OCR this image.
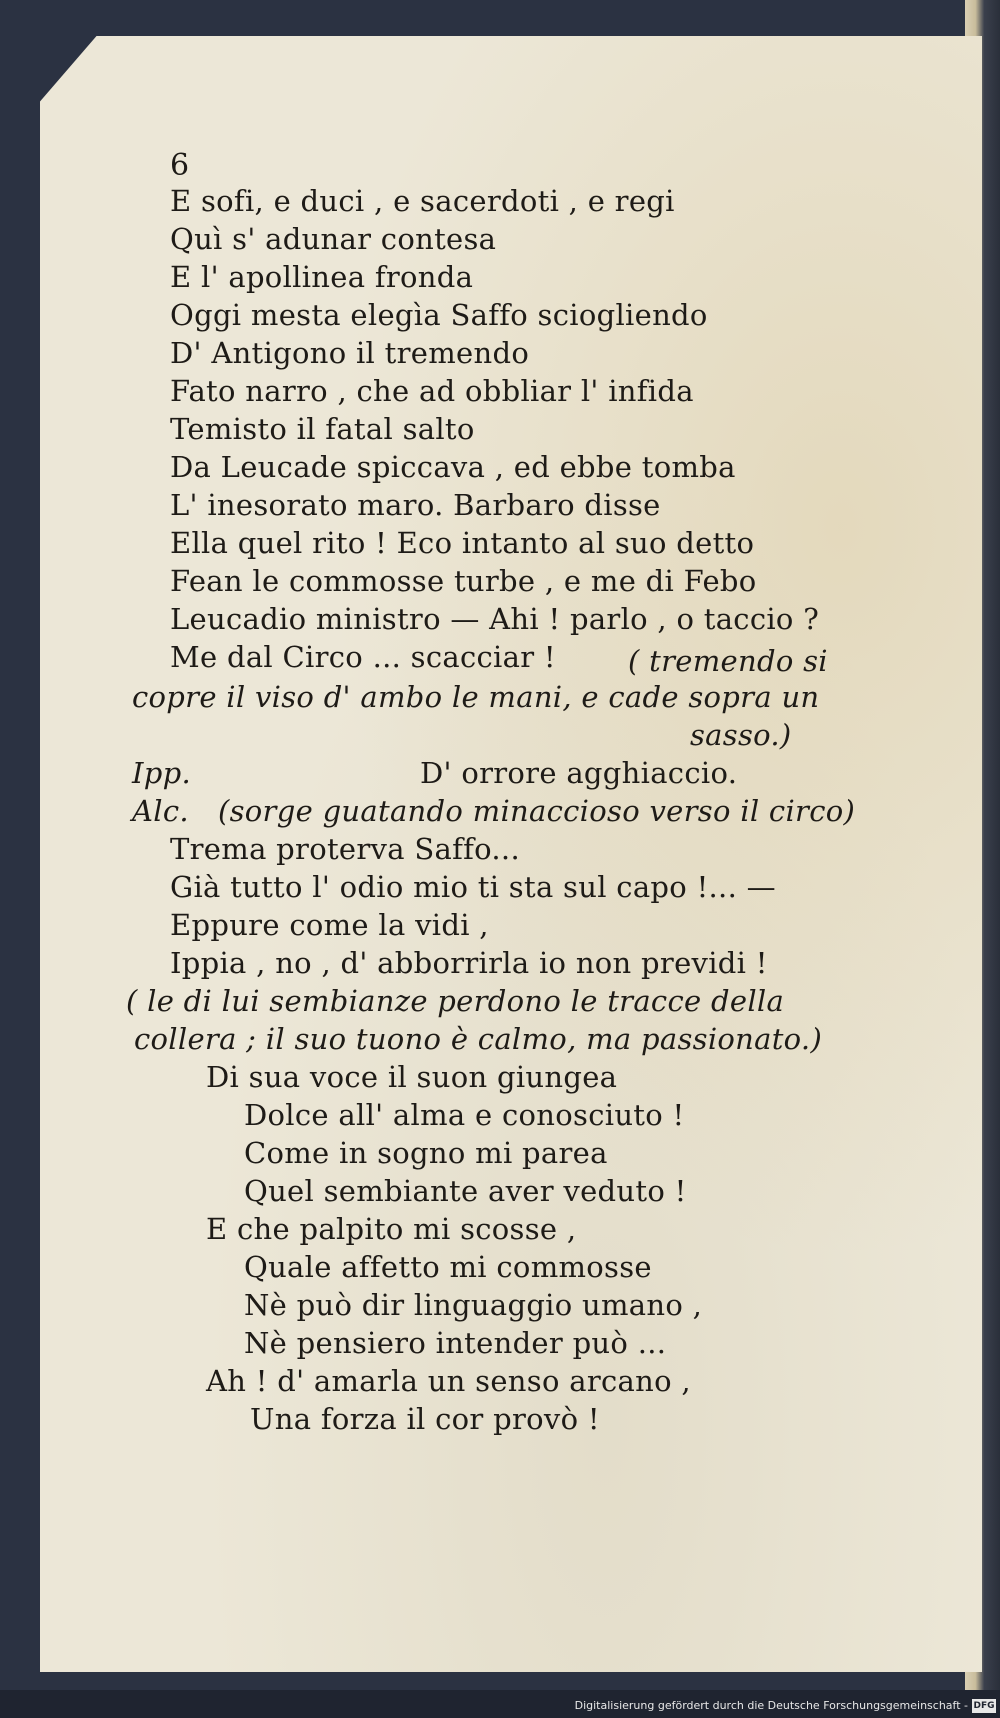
6
E sofi, e duci , e sacerdoti , e regi
Quì s' adunar contesa
E l' apollinea fronda
Oggi mesta elegìa Saffo sciogliendo
D' Antigono il tremendo
Fato narro , che ad obbliar l' infida
Temisto il fatal salto
Da Leucade spiccava , ed ebbe tomba
L' inesorato maro. Barbaro disse
Ella quel rito ! Eco intanto al suo detto
Fean le commosse turbe , e me di Febo
Leucadio ministro — Ahi ! parlo , o taccio ?
Me dal Circo ... scacciar ! ( tremendo si
copre il viso d' ambo le mani, e cade sopra un
sasso.)
Ipp.	D' orrore agghiaccio.
Alc. (sorge guatando minaccioso verso il circo)
Trema proterva Saffo...
Già tutto l' odio mio ti sta sul capo !... —
Eppure come la vidi ,
Ippia , no , d' abborrirla io non previdi !
( le di lui sembianze perdono le tracce della
collera ; il suo tuono è calmo, ma passionato.)
Di sua voce il suon giungea
Dolce all' alma e conosciuto !
Come in sogno mi parea
Quel sembiante aver veduto !
E che palpito mi scosse ,
Quale affetto mi commosse
Nè può dir linguaggio umano ,
Nè pensiero intender può ...
Ah ! d' amarla un senso arcano ,
Una forza il cor provò !
Digitalisierung gefördert durch die Deutsche Forschungsgemeinschaft - DFG
